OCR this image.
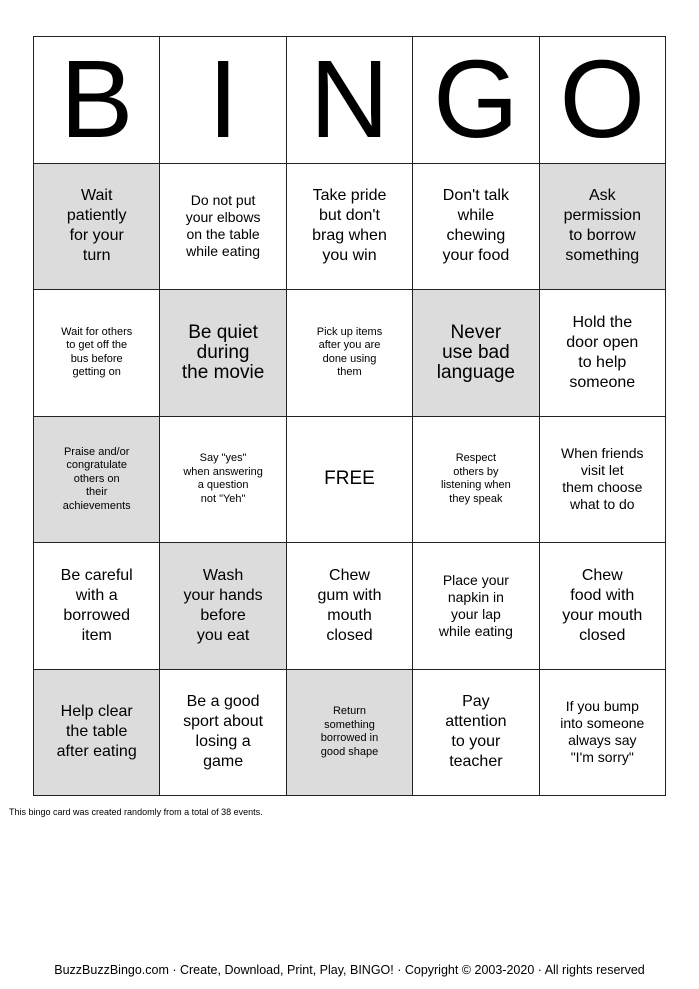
B I N G O
Wait
patiently
for your
turn
Do not put
your elbows
on the table
while eating
Take pride
but don't
brag when
you win
Don't talk
while
chewing
your food
Ask
permission
to borrow
something
Wait for others
to get off the
bus before
getting on
Be quiet
during
the movie
Pick up items
after you are
done using
them
Never
use bad
language
Hold the
door open
to help
someone
Praise and/or
congratulate
others on
their
achievements
Say "yes"
when answering
a question
not "Yeh"
FREE
Respect
others by
listening when
they speak
When friends
visit let
them choose
what to do
Be careful
with a
borrowed
item
Wash
your hands
before
you eat
Chew
gum with
mouth
closed
Place your
napkin in
your lap
while eating
Chew
food with
your mouth
closed
Help clear
the table
after eating
Be a good
sport about
losing a
game
Return
something
borrowed in
good shape
Pay
attention
to your
teacher
If you bump
into someone
always say
"I'm sorry"
This bingo card was created randomly from a total of 38 events.
BuzzBuzzBingo.com · Create, Download, Print, Play, BINGO! · Copyright © 2003-2020 · All rights reserved
